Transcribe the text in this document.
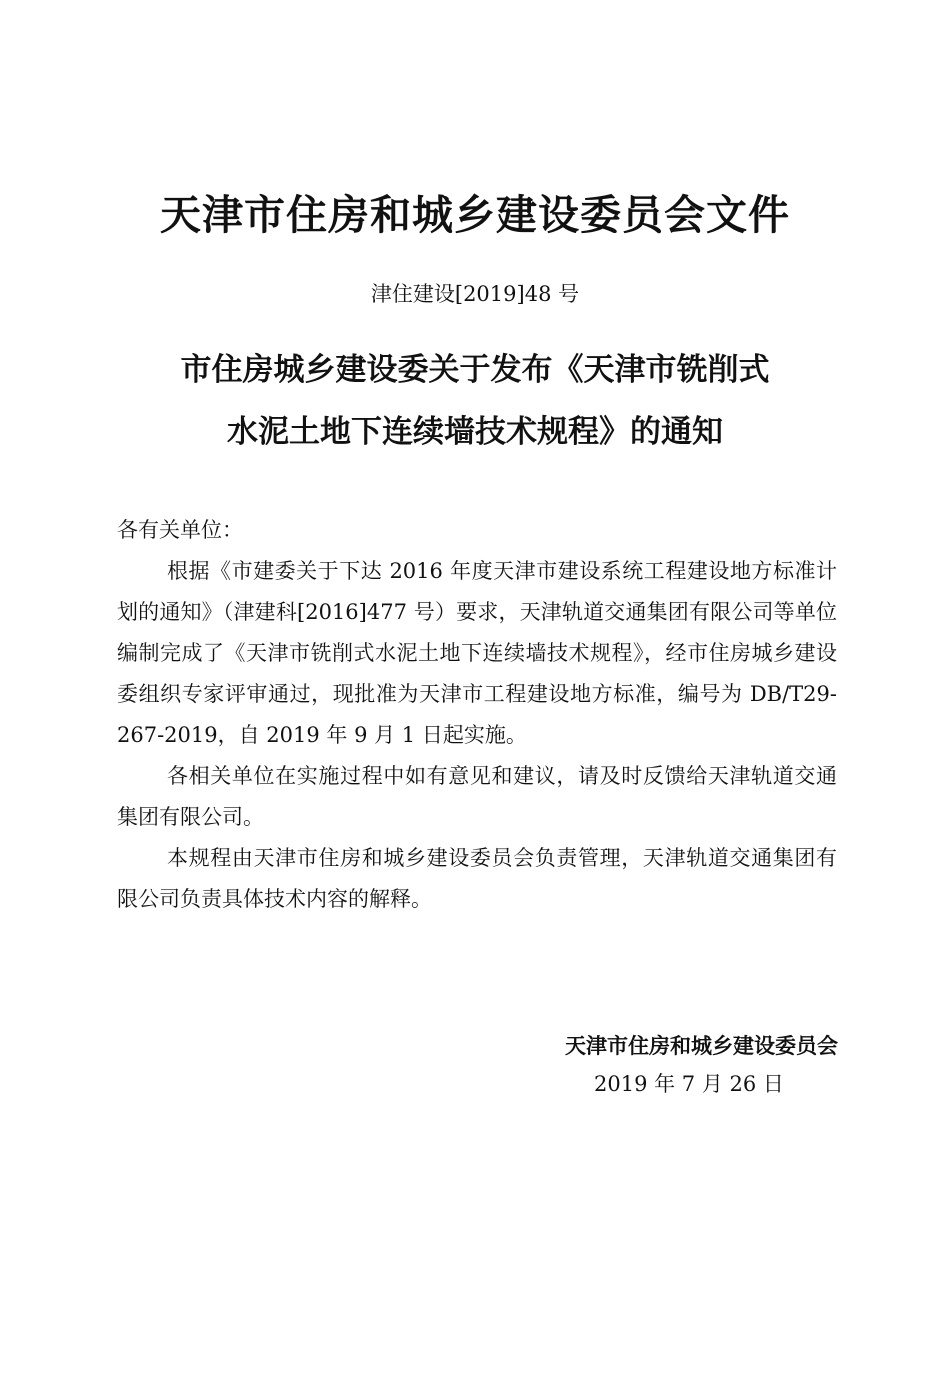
天津市住房和城乡建设委员会文件
津住建设[2019]48 号
市住房城乡建设委关于发布《天津市铣削式
水泥土地下连续墙技术规程》的通知

各有关单位：

根据《市建委关于下达 2016 年度天津市建设系统工程建设地方标准计划的通知》（津建科[2016]477 号）要求，天津轨道交通集团有限公司等单位编制完成了《天津市铣削式水泥土地下连续墙技术规程》，经市住房城乡建设委组织专家评审通过，现批准为天津市工程建设地方标准，编号为 DB/T29-267-2019，自 2019 年 9 月 1 日起实施。

各相关单位在实施过程中如有意见和建议，请及时反馈给天津轨道交通集团有限公司。

本规程由天津市住房和城乡建设委员会负责管理，天津轨道交通集团有限公司负责具体技术内容的解释。

天津市住房和城乡建设委员会
2019 年 7 月 26 日
